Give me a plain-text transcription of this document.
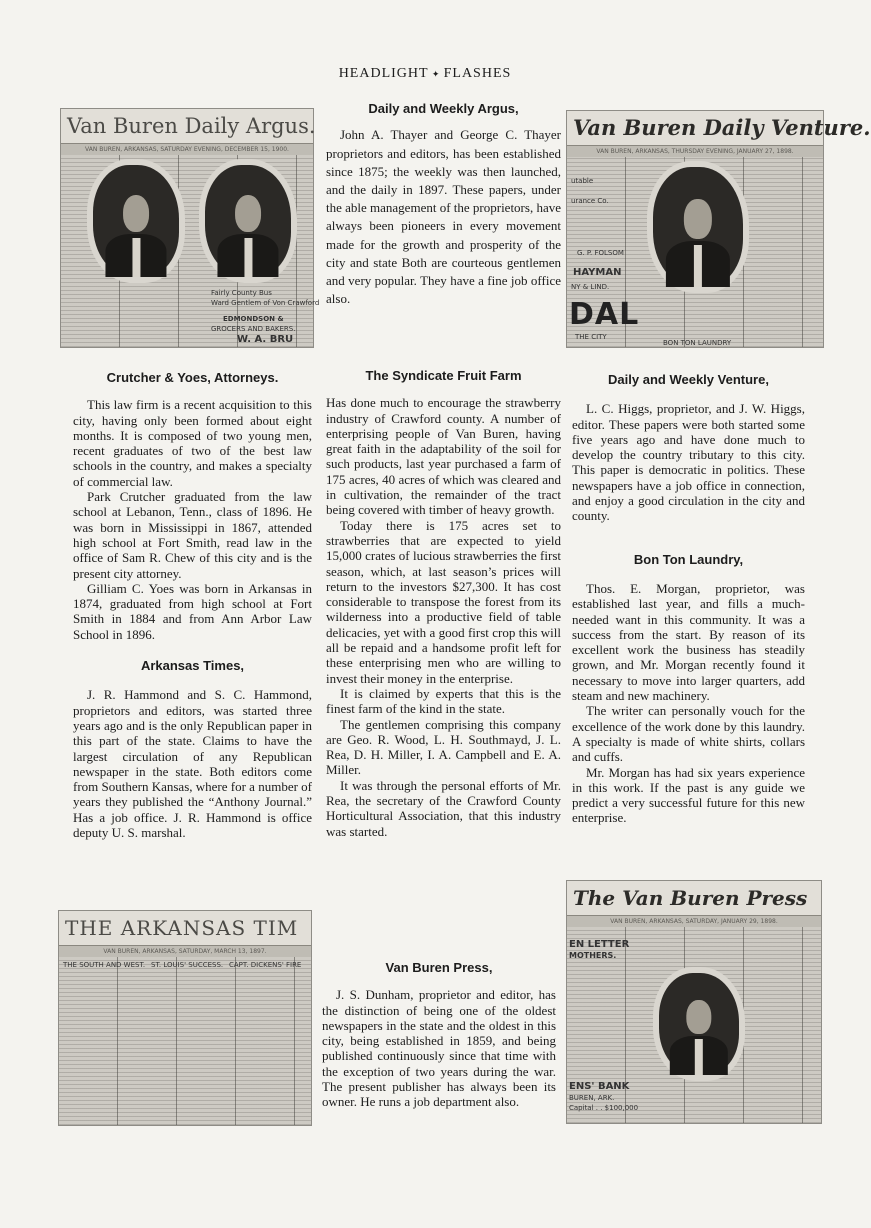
HEADLIGHT ✦ FLASHES
Van Buren Daily Argus.
VAN BUREN, ARKANSAS, SATURDAY EVENING, DECEMBER 15, 1900.
Fairly County Bus
Ward Gentlem of Von Crawford
EDMONDSON &
GROCERS AND BAKERS.
W. A. BRU
Van Buren Daily Venture.
VAN BUREN, ARKANSAS, THURSDAY EVENING, JANUARY 27, 1898.
utable
urance Co.
G. P. FOLSOM
HAYMAN
NY & LIND.
DAL
THE CITY
BON TON LAUNDRY
THE ARKANSAS TIM
VAN BUREN, ARKANSAS, SATURDAY, MARCH 13, 1897.
THE SOUTH AND WEST. ST. LOUIS' SUCCESS. CAPT. DICKENS' FIRE
The Van Buren Press
VAN BUREN, ARKANSAS, SATURDAY, JANUARY 29, 1898.
EN LETTER
MOTHERS.
ENS' BANK
BUREN, ARK.
Capital . . $100,000
Daily and Weekly Argus,

John A. Thayer and George C. Thayer proprietors and editors, has been established since 1875; the weekly was then launched, and the daily in 1897. These papers, under the able management of the proprietors, have always been pioneers in every movement made for the growth and prosperity of the city and state Both are courteous gentlemen and very popular. They have a fine job office also.

Crutcher & Yoes, Attorneys.

This law firm is a recent acquisition to this city, having only been formed about eight months. It is composed of two young men, recent graduates of two of the best law schools in the country, and makes a specialty of commercial law.

Park Crutcher graduated from the law school at Lebanon, Tenn., class of 1896. He was born in Mississippi in 1867, attended high school at Fort Smith, read law in the office of Sam R. Chew of this city and is the present city attorney.

Gilliam C. Yoes was born in Arkansas in 1874, graduated from high school at Fort Smith in 1884 and from Ann Arbor Law School in 1896.

Arkansas Times,

J. R. Hammond and S. C. Hammond, proprietors and editors, was started three years ago and is the only Republican paper in this part of the state. Claims to have the largest circulation of any Republican newspaper in the state. Both editors come from Southern Kansas, where for a number of years they published the “Anthony Journal.” Has a job office. J. R. Hammond is office deputy U. S. marshal.

The Syndicate Fruit Farm

Has done much to encourage the strawberry industry of Crawford county. A number of enterprising people of Van Buren, having great faith in the adaptability of the soil for such products, last year purchased a farm of 175 acres, 40 acres of which was cleared and in cultivation, the remainder of the tract being covered with timber of heavy growth.

Today there is 175 acres set to strawberries that are expected to yield 15,000 crates of lucious strawberries the first season, which, at last season’s prices will return to the investors $27,300. It has cost considerable to transpose the forest from its wilderness into a productive field of table delicacies, yet with a good first crop this will all be repaid and a handsome profit left for these enterprising men who are willing to invest their money in the enterprise.

It is claimed by experts that this is the finest farm of the kind in the state.

The gentlemen comprising this company are Geo. R. Wood, L. H. Southmayd, J. L. Rea, D. H. Miller, I. A. Campbell and E. A. Miller.

It was through the personal efforts of Mr. Rea, the secretary of the Crawford County Horticultural Association, that this industry was started.

Van Buren Press,

J. S. Dunham, proprietor and editor, has the distinction of being one of the oldest newspapers in the state and the oldest in this city, being established in 1859, and being published continuously since that time with the exception of two years during the war. The present publisher has always been its owner. He runs a job department also.

Daily and Weekly Venture,

L. C. Higgs, proprietor, and J. W. Higgs, editor. These papers were both started some five years ago and have done much to develop the country tributary to this city. This paper is democratic in politics. These newspapers have a job office in connection, and enjoy a good circulation in the city and county.

Bon Ton Laundry,

Thos. E. Morgan, proprietor, was established last year, and fills a much-needed want in this community. It was a success from the start. By reason of its excellent work the business has steadily grown, and Mr. Morgan recently found it necessary to move into larger quarters, add steam and new machinery.

The writer can personally vouch for the excellence of the work done by this laundry. A specialty is made of white shirts, collars and cuffs.

Mr. Morgan has had six years experience in this work. If the past is any guide we predict a very successful future for this new enterprise.
